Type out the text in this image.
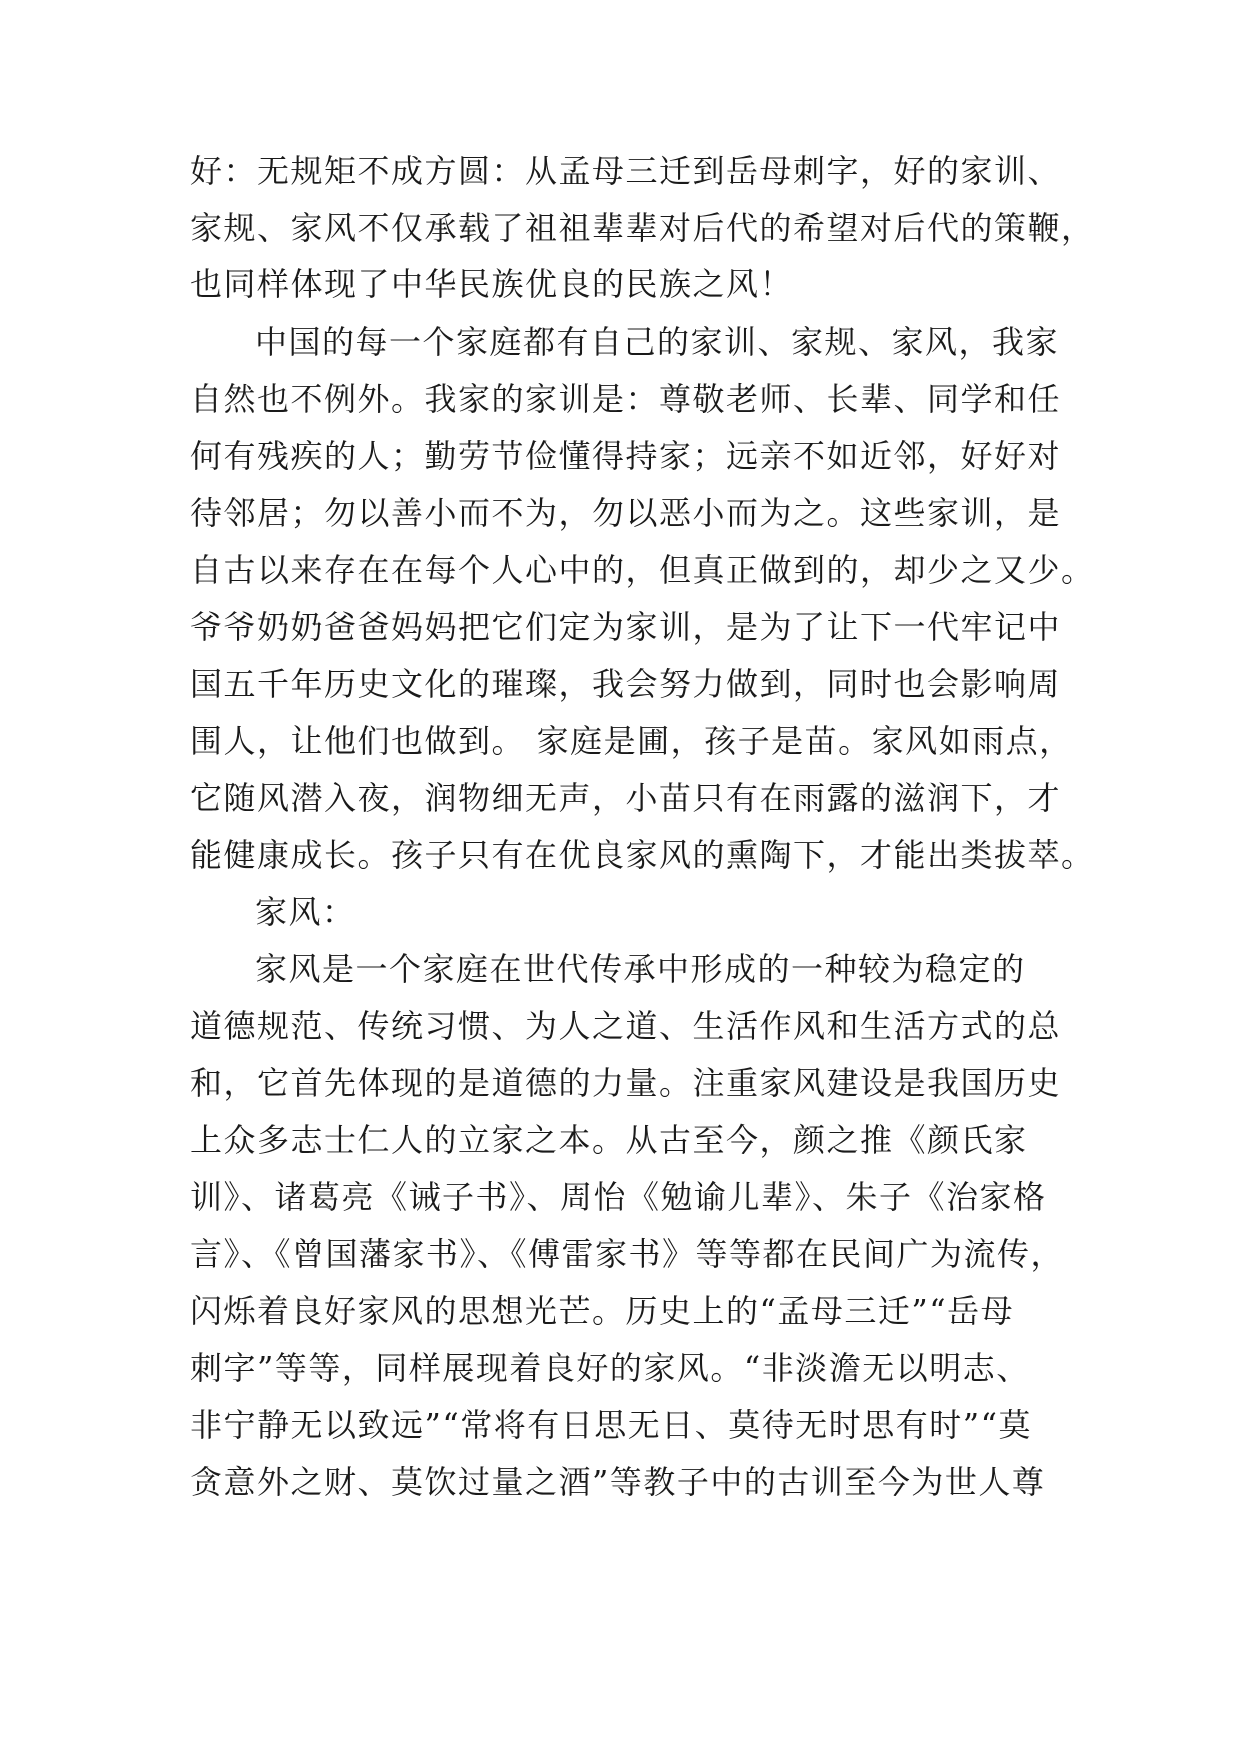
好：无规矩不成方圆：从孟母三迁到岳母刺字，好的家训、
家规、家风不仅承载了祖祖辈辈对后代的希望对后代的策鞭，
也同样体现了中华民族优良的民族之风！
中国的每一个家庭都有自己的家训、家规、家风，我家
自然也不例外。我家的家训是：尊敬老师、长辈、同学和任
何有残疾的人；勤劳节俭懂得持家；远亲不如近邻，好好对
待邻居；勿以善小而不为，勿以恶小而为之。这些家训，是
自古以来存在在每个人心中的，但真正做到的，却少之又少。
爷爷奶奶爸爸妈妈把它们定为家训，是为了让下一代牢记中
国五千年历史文化的璀璨，我会努力做到，同时也会影响周
围人，让他们也做到。 家庭是圃，孩子是苗。家风如雨点，
它随风潜入夜，润物细无声，小苗只有在雨露的滋润下，才
能健康成长。孩子只有在优良家风的熏陶下，才能出类拔萃。
家风：
家风是一个家庭在世代传承中形成的一种较为稳定的
道德规范、传统习惯、为人之道、生活作风和生活方式的总
和，它首先体现的是道德的力量。注重家风建设是我国历史
上众多志士仁人的立家之本。从古至今，颜之推《颜氏家
训》、诸葛亮《诫子书》、周怡《勉谕儿辈》、朱子《治家格
言》、《曾国藩家书》、《傅雷家书》等等都在民间广为流传，
闪烁着良好家风的思想光芒。历史上的“孟母三迁”“岳母
刺字”等等，同样展现着良好的家风。“非淡澹无以明志、
非宁静无以致远”“常将有日思无日、莫待无时思有时”“莫
贪意外之财、莫饮过量之酒”等教子中的古训至今为世人尊
